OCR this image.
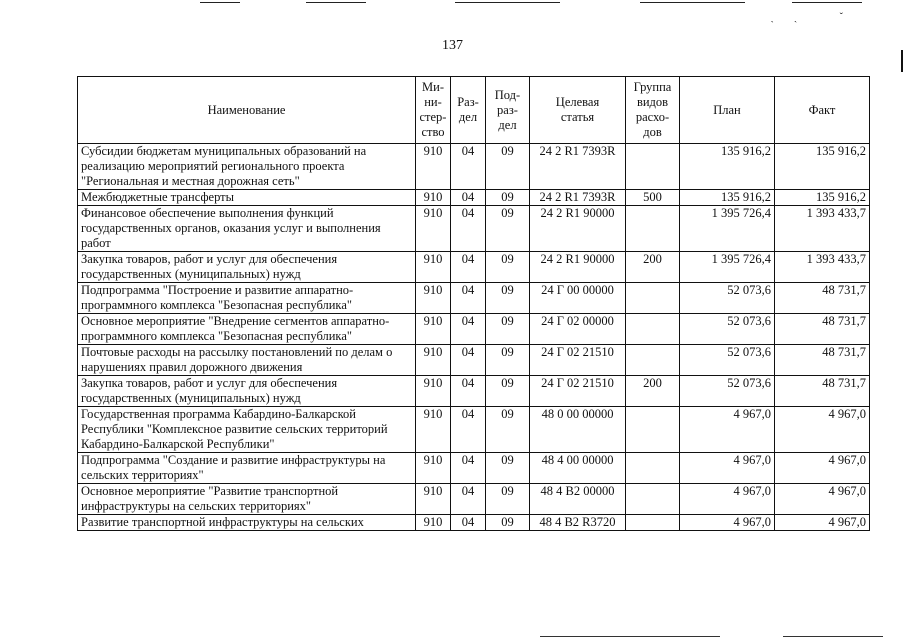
ˏˏ ˇ
137
Наименование	Ми-
ни-
стер-
ство	Раз-
дел	Под-
раз-
дел	Целевая
статья	Группа
видов
расхо-
дов	План	Факт
Субсидии бюджетам муниципальных образований на реализацию мероприятий регионального проекта "Региональная и местная дорожная сеть"	910	04	09	24 2 R1 7393R		135 916,2	135 916,2
Межбюджетные трансферты	910	04	09	24 2 R1 7393R	500	135 916,2	135 916,2
Финансовое обеспечение выполнения функций государственных органов, оказания услуг и выполнения работ	910	04	09	24 2 R1 90000		1 395 726,4	1 393 433,7
Закупка товаров, работ и услуг для обеспечения государственных (муниципальных) нужд	910	04	09	24 2 R1 90000	200	1 395 726,4	1 393 433,7
Подпрограмма "Построение и развитие аппаратно-программного комплекса "Безопасная республика"	910	04	09	24 Г 00 00000		52 073,6	48 731,7
Основное мероприятие "Внедрение сегментов аппаратно-программного комплекса "Безопасная республика"	910	04	09	24 Г 02 00000		52 073,6	48 731,7
Почтовые расходы на рассылку постановлений по делам о нарушениях правил дорожного движения	910	04	09	24 Г 02 21510		52 073,6	48 731,7
Закупка товаров, работ и услуг для обеспечения государственных (муниципальных) нужд	910	04	09	24 Г 02 21510	200	52 073,6	48 731,7
Государственная программа Кабардино-Балкарской Республики "Комплексное развитие сельских территорий Кабардино-Балкарской Республики"	910	04	09	48 0 00 00000		4 967,0	4 967,0
Подпрограмма "Создание и развитие инфраструктуры на сельских территориях"	910	04	09	48 4 00 00000		4 967,0	4 967,0
Основное мероприятие "Развитие транспортной инфраструктуры на сельских территориях"	910	04	09	48 4 B2 00000		4 967,0	4 967,0
Развитие транспортной инфраструктуры на сельских	910	04	09	48 4 B2 R3720		4 967,0	4 967,0
